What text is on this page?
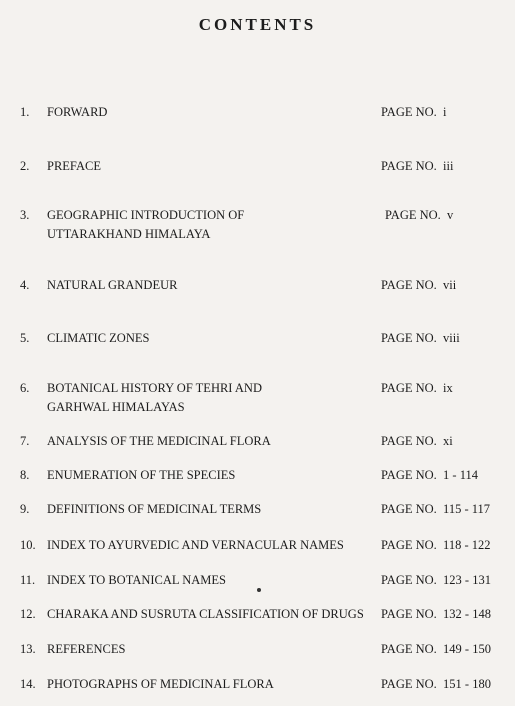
CONTENTS
1. FORWARD	PAGE NO.  i
2. PREFACE	PAGE NO.  iii
3. GEOGRAPHIC INTRODUCTION OF
UTTARAKHAND HIMALAYA
PAGE NO.  v
4. NATURAL GRANDEUR	PAGE NO.  vii
5. CLIMATIC ZONES	PAGE NO.  viii
6. BOTANICAL HISTORY OF TEHRI AND
GARHWAL HIMALAYAS
PAGE NO.  ix
7. ANALYSIS OF THE MEDICINAL FLORA	PAGE NO.  xi
8. ENUMERATION OF THE SPECIES	PAGE NO.  1 - 114
9. DEFINITIONS OF MEDICINAL TERMS	PAGE NO.  115 - 117
10. INDEX TO AYURVEDIC AND VERNACULAR NAMES	PAGE NO.  118 - 122
11. INDEX TO BOTANICAL NAMES	PAGE NO.  123 - 131
12. CHARAKA AND SUSRUTA CLASSIFICATION OF DRUGS	PAGE NO.  132 - 148
13. REFERENCES	PAGE NO.  149 - 150
14. PHOTOGRAPHS OF MEDICINAL FLORA	PAGE NO.  151 - 180
